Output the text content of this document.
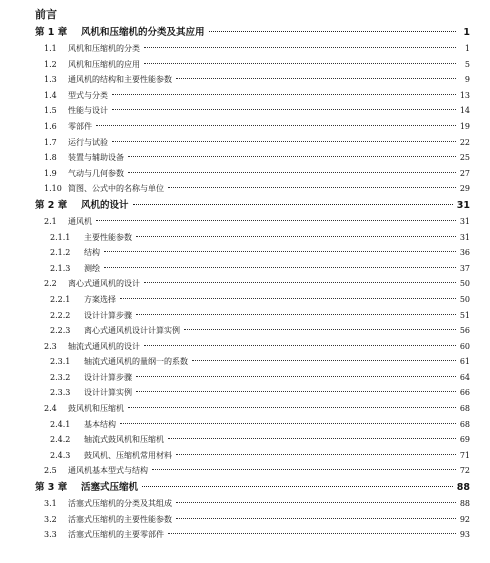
前言
第 1 章	风机和压缩机的分类及其应用	1
1.1	风机和压缩机的分类	1
1.2	风机和压缩机的应用	5
1.3	通风机的结构和主要性能参数	9
1.4	型式与分类	13
1.5	性能与设计	14
1.6	零部件	19
1.7	运行与试验	22
1.8	装置与辅助设备	25
1.9	气动与几何参数	27
1.10 简图、公式中的名称与单位	29
第 2 章	风机的设计	31
2.1	通风机	31
2.1.1	主要性能参数	31
2.1.2	结构	36
2.1.3	测绘	37
2.2	离心式通风机的设计	50
2.2.1	方案选择	50
2.2.2	设计计算步骤	51
2.2.3	离心式通风机设计计算实例	56
2.3	轴流式通风机的设计	60
2.3.1	轴流式通风机的量纲一的系数	61
2.3.2	设计计算步骤	64
2.3.3	设计计算实例	66
2.4	鼓风机和压缩机	68
2.4.1	基本结构	68
2.4.2	轴流式鼓风机和压缩机	69
2.4.3	鼓风机、压缩机常用材料	71
2.5	通风机基本型式与结构	72
第 3 章	活塞式压缩机	88
3.1	活塞式压缩机的分类及其组成	88
3.2	活塞式压缩机的主要性能参数	92
3.3	活塞式压缩机的主要零部件	93
